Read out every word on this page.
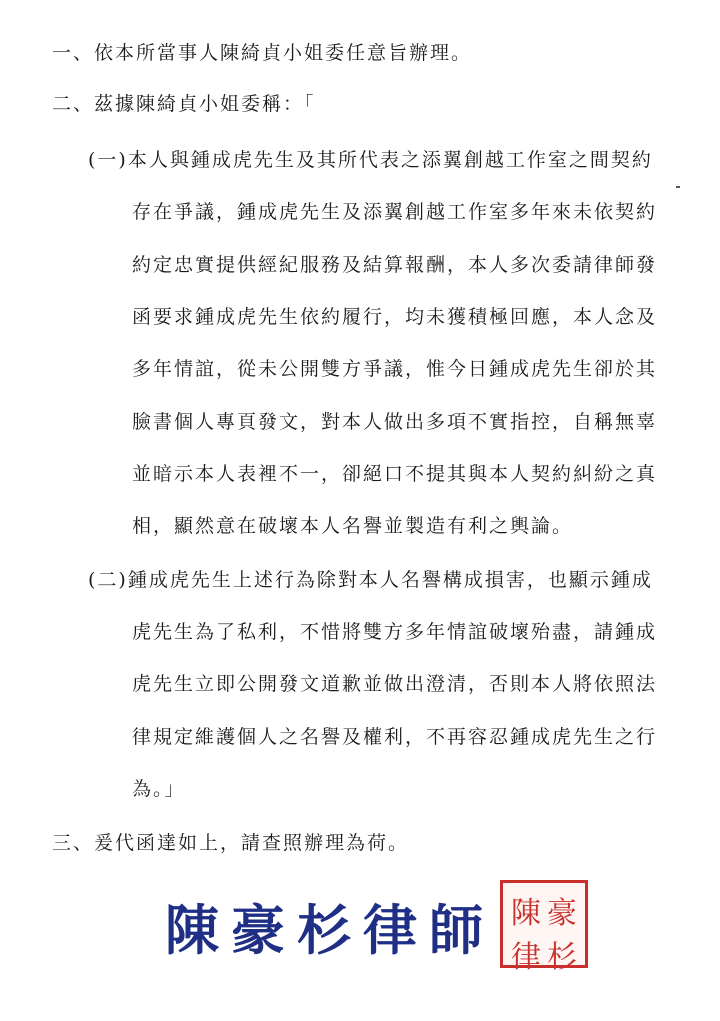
一、依本所當事人陳綺貞小姐委任意旨辦理。
二、茲據陳綺貞小姐委稱：「
(一)本人與鍾成虎先生及其所代表之添翼創越工作室之間契約
存在爭議，鍾成虎先生及添翼創越工作室多年來未依契約
約定忠實提供經紀服務及結算報酬，本人多次委請律師發
函要求鍾成虎先生依約履行，均未獲積極回應，本人念及
多年情誼，從未公開雙方爭議，惟今日鍾成虎先生卻於其
臉書個人專頁發文，對本人做出多項不實指控，自稱無辜
並暗示本人表裡不一，卻絕口不提其與本人契約糾紛之真
相，顯然意在破壞本人名譽並製造有利之輿論。
(二)鍾成虎先生上述行為除對本人名譽構成損害，也顯示鍾成
虎先生為了私利，不惜將雙方多年情誼破壞殆盡，請鍾成
虎先生立即公開發文道歉並做出澄清，否則本人將依照法
律規定維護個人之名譽及權利，不再容忍鍾成虎先生之行
為。」
三、爰代函達如上，請查照辦理為荷。
陳豪杉律師 陳 豪
律 杉
